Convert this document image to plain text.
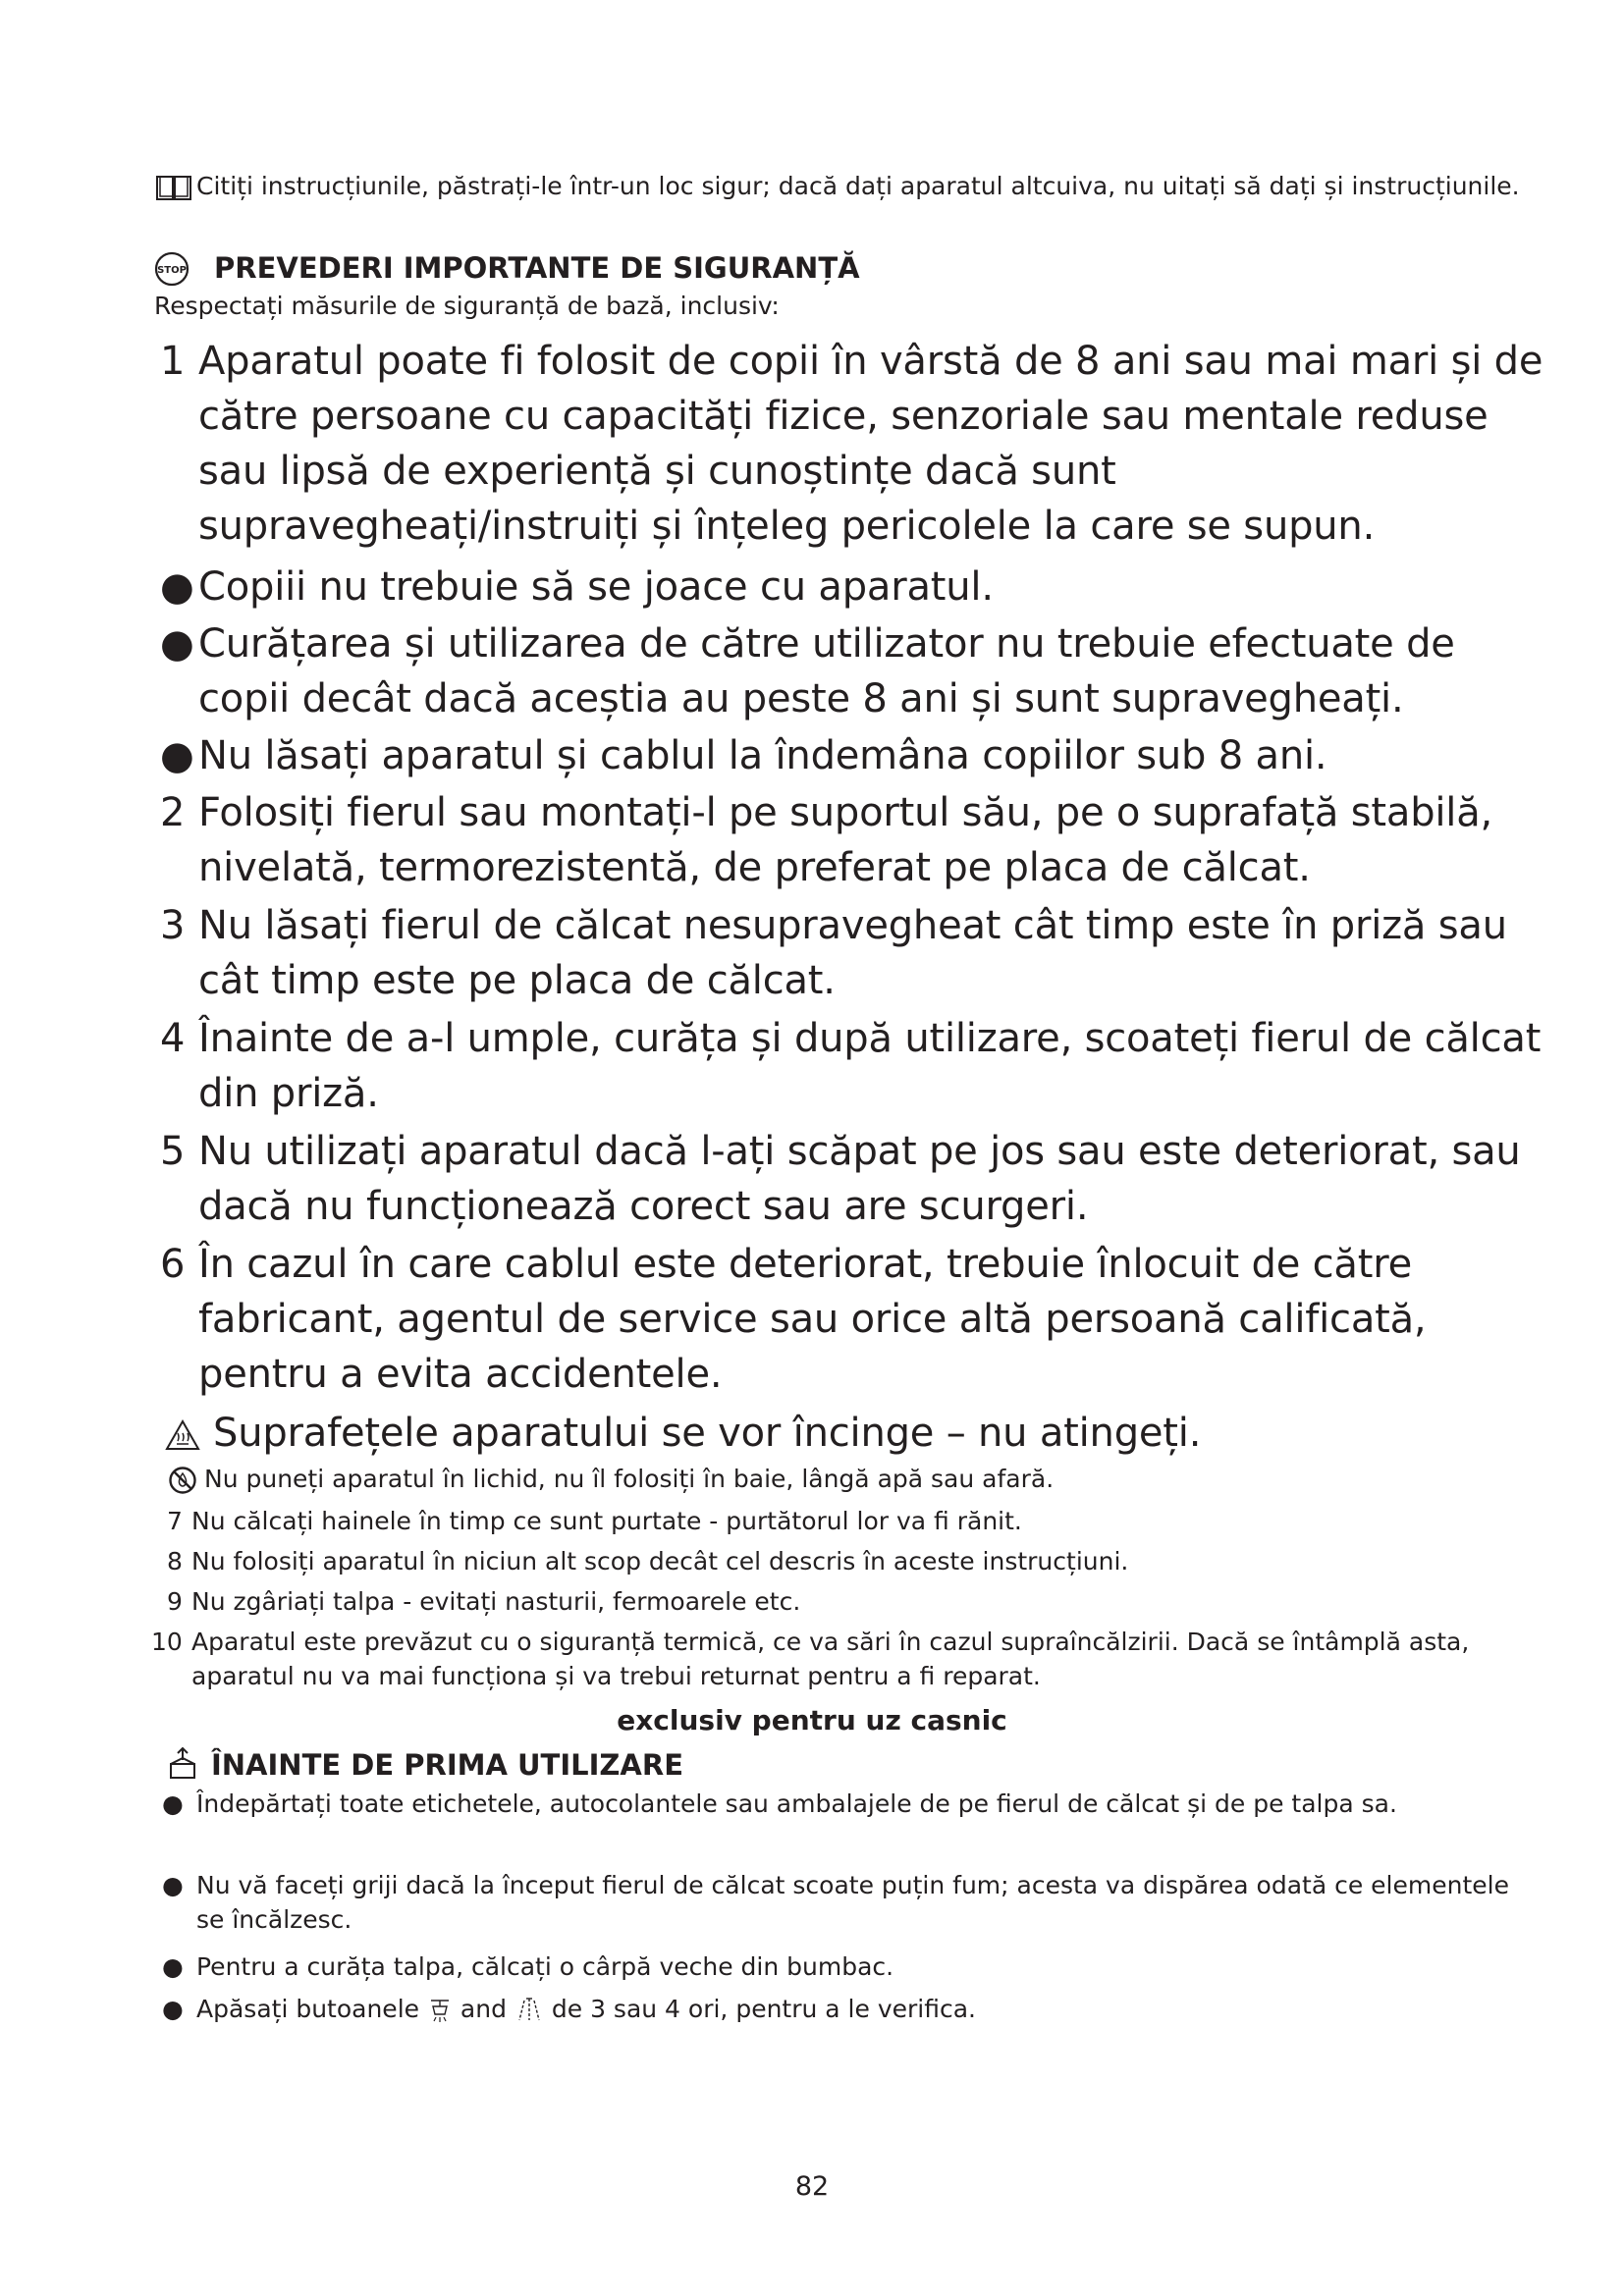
Citiți instrucțiunile, păstrați-le într-un loc sigur; dacă dați aparatul altcuiva, nu uitați să dați și instrucțiunile.
STOP PREVEDERI IMPORTANTE DE SIGURANȚĂ
Respectați măsurile de siguranță de bază, inclusiv:
1 Aparatul poate fi folosit de copii în vârstă de 8 ani sau mai mari și de către persoane cu capacități fizice, senzoriale sau mentale reduse sau lipsă de experiență și cunoștințe dacă sunt supravegheați/instruiți și înțeleg pericolele la care se supun.
● Copiii nu trebuie să se joace cu aparatul.
● Curățarea și utilizarea de către utilizator nu trebuie efectuate de copii decât dacă aceștia au peste 8 ani și sunt supravegheați.
● Nu lăsați aparatul și cablul la îndemâna copiilor sub 8 ani.
2 Folosiți fierul sau montați-l pe suportul său, pe o suprafață stabilă, nivelată, termorezistentă, de preferat pe placa de călcat.
3 Nu lăsați fierul de călcat nesupravegheat cât timp este în priză sau cât timp este pe placa de călcat.
4 Înainte de a-l umple, curăța și după utilizare, scoateți fierul de călcat din priză.
5 Nu utilizați aparatul dacă l-ați scăpat pe jos sau este deteriorat, sau dacă nu funcționează corect sau are scurgeri.
6 În cazul în care cablul este deteriorat, trebuie înlocuit de către fabricant, agentul de service sau orice altă persoană calificată, pentru a evita accidentele.
Suprafețele aparatului se vor încinge – nu atingeți.
Nu puneți aparatul în lichid, nu îl folosiți în baie, lângă apă sau afară.
7 Nu călcați hainele în timp ce sunt purtate - purtătorul lor va fi rănit.
8 Nu folosiți aparatul în niciun alt scop decât cel descris în aceste instrucțiuni.
9 Nu zgâriați talpa - evitați nasturii, fermoarele etc.
10 Aparatul este prevăzut cu o siguranță termică, ce va sări în cazul supraîncălzirii. Dacă se întâmplă asta, aparatul nu va mai funcționa și va trebui returnat pentru a fi reparat.
exclusiv pentru uz casnic
ÎNAINTE DE PRIMA UTILIZARE
● Îndepărtați toate etichetele, autocolantele sau ambalajele de pe fierul de călcat și de pe talpa sa.
● Nu vă faceți griji dacă la început fierul de călcat scoate puțin fum; acesta va dispărea odată ce elementele se încălzesc.
● Pentru a curăța talpa, călcați o cârpă veche din bumbac.
● Apăsați butoanele and de 3 sau 4 ori, pentru a le verifica.
82
